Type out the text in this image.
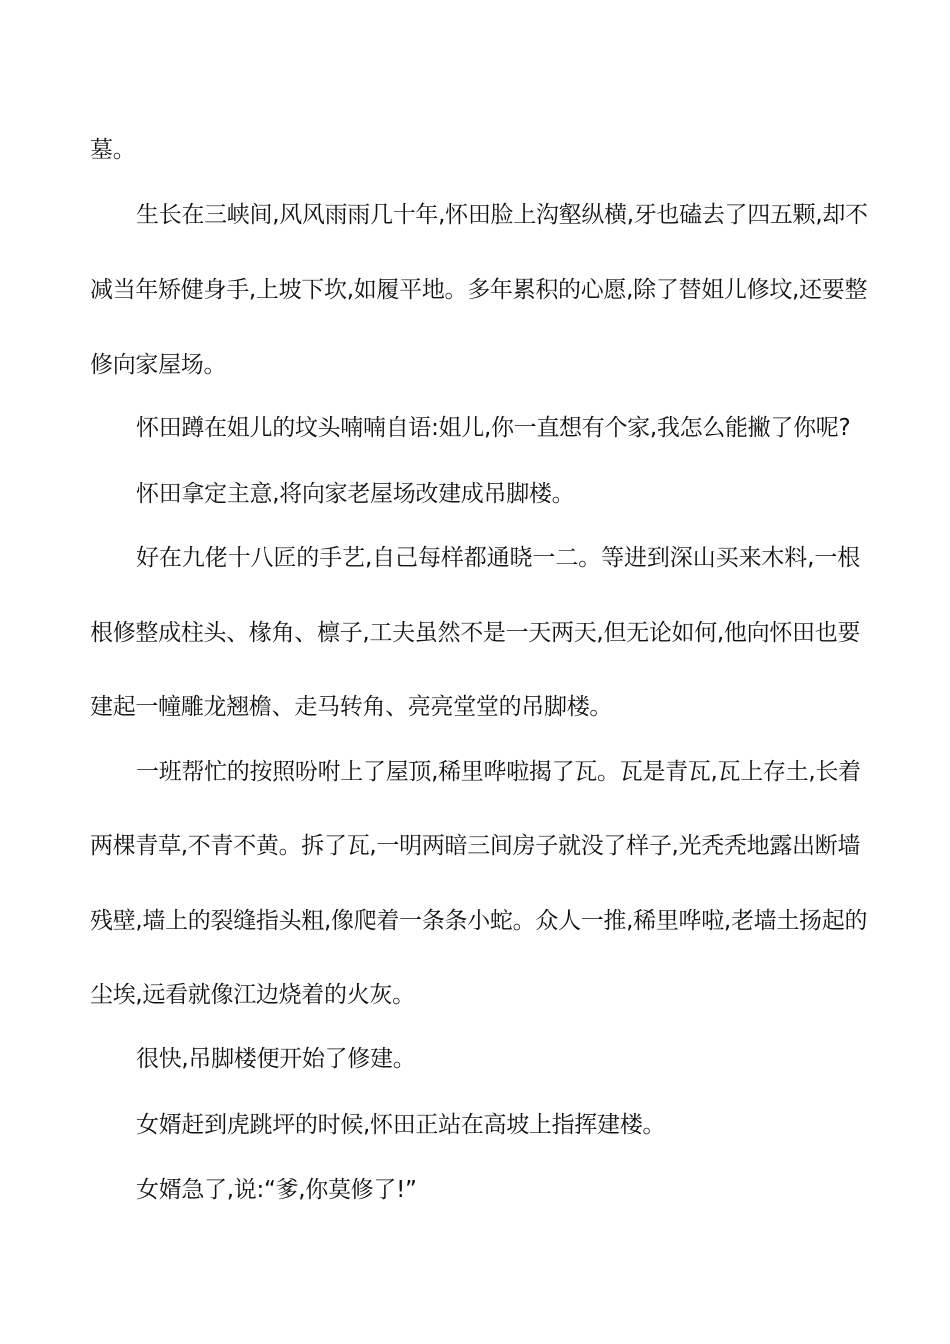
墓。
生长在三峡间,风风雨雨几十年,怀田脸上沟壑纵横,牙也磕去了四五颗,却不
减当年矫健身手,上坡下坎,如履平地。多年累积的心愿,除了替姐儿修坟,还要整
修向家屋场。
怀田蹲在姐儿的坟头喃喃自语:姐儿,你一直想有个家,我怎么能撇了你呢?
怀田拿定主意,将向家老屋场改建成吊脚楼。
好在九佬十八匠的手艺,自己每样都通晓一二。等进到深山买来木料,一根
根修整成柱头、椽角、檩子,工夫虽然不是一天两天,但无论如何,他向怀田也要
建起一幢雕龙翘檐、走马转角、亮亮堂堂的吊脚楼。
一班帮忙的按照吩咐上了屋顶,稀里哗啦揭了瓦。瓦是青瓦,瓦上存土,长着
两棵青草,不青不黄。拆了瓦,一明两暗三间房子就没了样子,光秃秃地露出断墙
残壁,墙上的裂缝指头粗,像爬着一条条小蛇。众人一推,稀里哗啦,老墙土扬起的
尘埃,远看就像江边烧着的火灰。
很快,吊脚楼便开始了修建。
女婿赶到虎跳坪的时候,怀田正站在高坡上指挥建楼。
女婿急了,说:“爹,你莫修了!”
